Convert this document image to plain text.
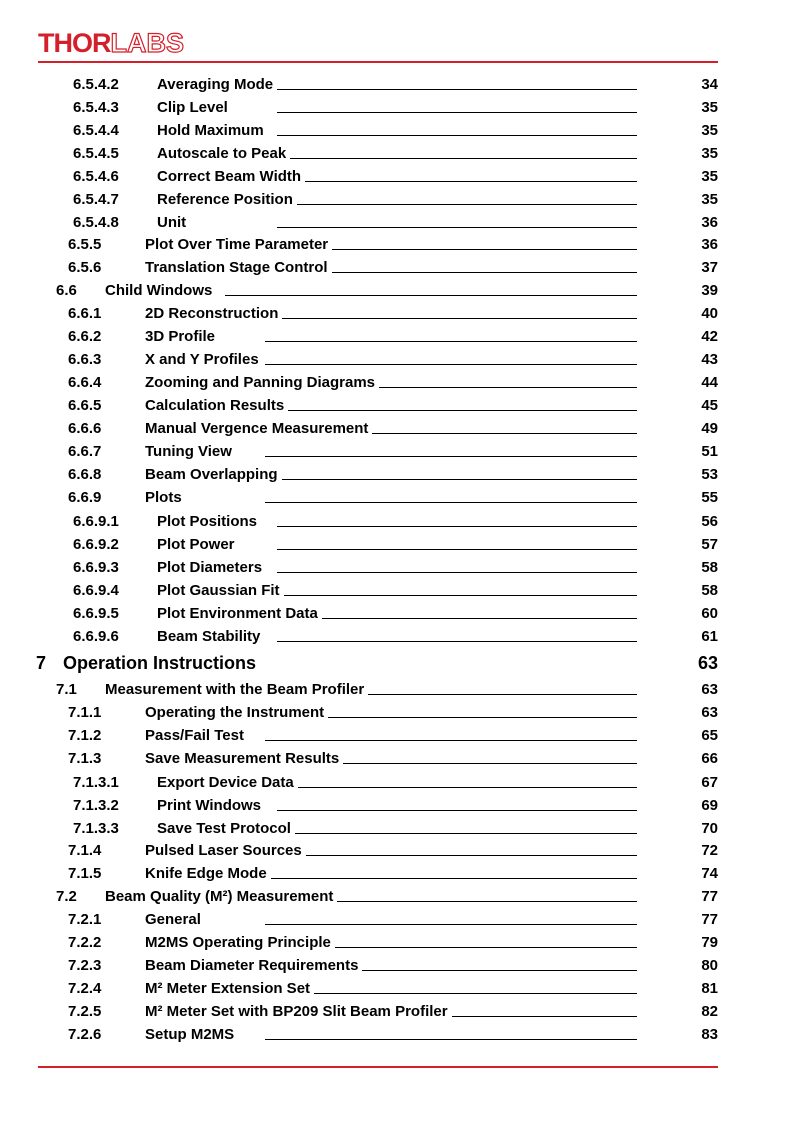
THORLABS
6.5.4.2	Averaging Mode	34
6.5.4.3	Clip Level	35
6.5.4.4	Hold Maximum	35
6.5.4.5	Autoscale to Peak	35
6.5.4.6	Correct Beam Width	35
6.5.4.7	Reference Position	35
6.5.4.8	Unit	36
6.5.5	Plot Over Time Parameter	36
6.5.6	Translation Stage Control	37
6.6 Child Windows	39
6.6.1	2D Reconstruction	40
6.6.2	3D Profile	42
6.6.3	X and Y Profiles	43
6.6.4	Zooming and Panning Diagrams	44
6.6.5	Calculation Results	45
6.6.6	Manual Vergence Measurement	49
6.6.7	Tuning View	51
6.6.8	Beam Overlapping	53
6.6.9	Plots	55
6.6.9.1	Plot Positions	56
6.6.9.2	Plot Power	57
6.6.9.3	Plot Diameters	58
6.6.9.4	Plot Gaussian Fit	58
6.6.9.5	Plot Environment Data	60
6.6.9.6	Beam Stability	61
7 Operation Instructions	63
7.1 Measurement with the Beam Profiler	63
7.1.1	Operating the Instrument	63
7.1.2	Pass/Fail Test	65
7.1.3	Save Measurement Results	66
7.1.3.1	Export Device Data	67
7.1.3.2	Print Windows	69
7.1.3.3	Save Test Protocol	70
7.1.4	Pulsed Laser Sources	72
7.1.5	Knife Edge Mode	74
7.2 Beam Quality (M²) Measurement	77
7.2.1	General	77
7.2.2	M2MS Operating Principle	79
7.2.3	Beam Diameter Requirements	80
7.2.4	M² Meter Extension Set	81
7.2.5	M² Meter Set with BP209 Slit Beam Profiler	82
7.2.6	Setup M2MS	83
